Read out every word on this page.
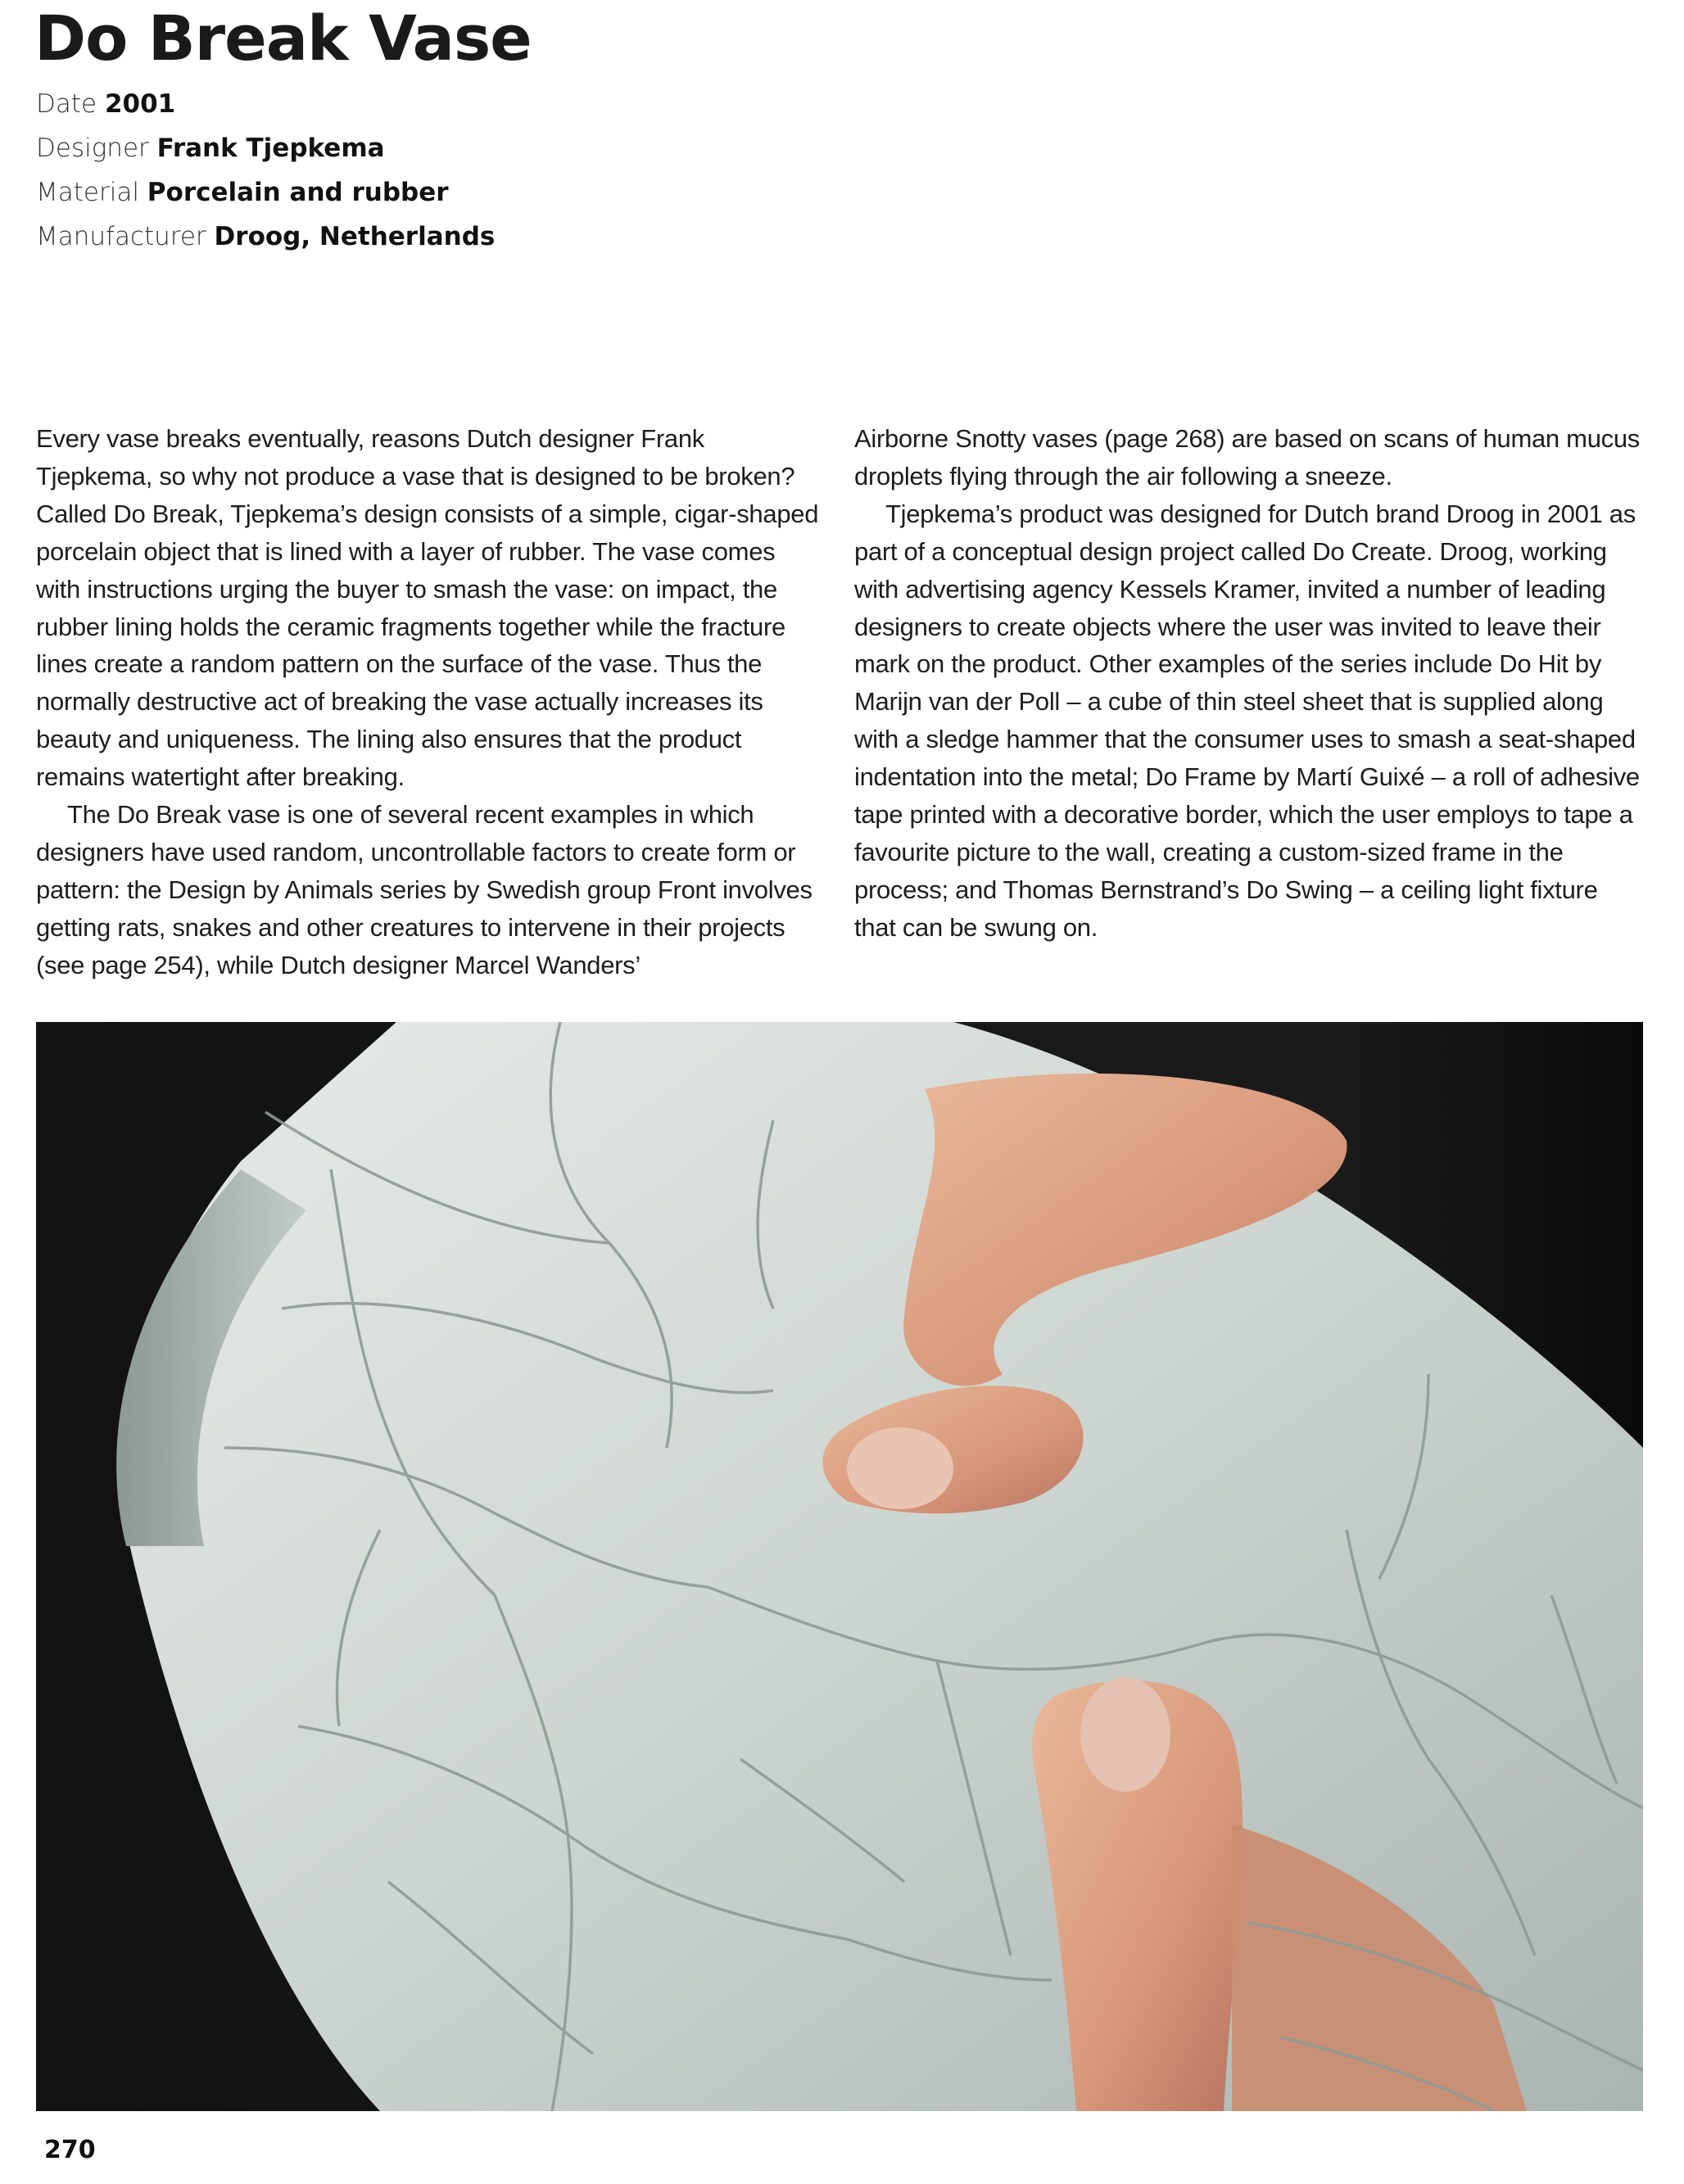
Do Break Vase
Date 2001
Designer Frank Tjepkema
Material Porcelain and rubber
Manufacturer Droog, Netherlands

Every vase breaks eventually, reasons Dutch designer Frank Tjepkema, so why not produce a vase that is designed to be broken? Called Do Break, Tjepkema’s design consists of a simple, cigar-shaped porcelain object that is lined with a layer of rubber. The vase comes with instructions urging the buyer to smash the vase: on impact, the rubber lining holds the ceramic fragments together while the fracture lines create a random pattern on the surface of the vase. Thus the normally destructive act of breaking the vase actually increases its beauty and uniqueness. The lining also ensures that the product remains watertight after breaking.

The Do Break vase is one of several recent examples in which designers have used random, uncontrollable factors to create form or pattern: the Design by Animals series by Swedish group Front involves getting rats, snakes and other creatures to intervene in their projects (see page 254), while Dutch designer Marcel Wanders’

Airborne Snotty vases (page 268) are based on scans of human mucus droplets flying through the air following a sneeze.

Tjepkema’s product was designed for Dutch brand Droog in 2001 as part of a conceptual design project called Do Create. Droog, working with advertising agency Kessels Kramer, invited a number of leading designers to create objects where the user was invited to leave their mark on the product. Other examples of the series include Do Hit by Marijn van der Poll – a cube of thin steel sheet that is supplied along with a sledge hammer that the consumer uses to smash a seat-shaped indentation into the metal; Do Frame by Martí Guixé – a roll of adhesive tape printed with a decorative border, which the user employs to tape a favourite picture to the wall, creating a custom-sized frame in the process; and Thomas Bernstrand’s Do Swing – a ceiling light fixture that can be swung on.

270
